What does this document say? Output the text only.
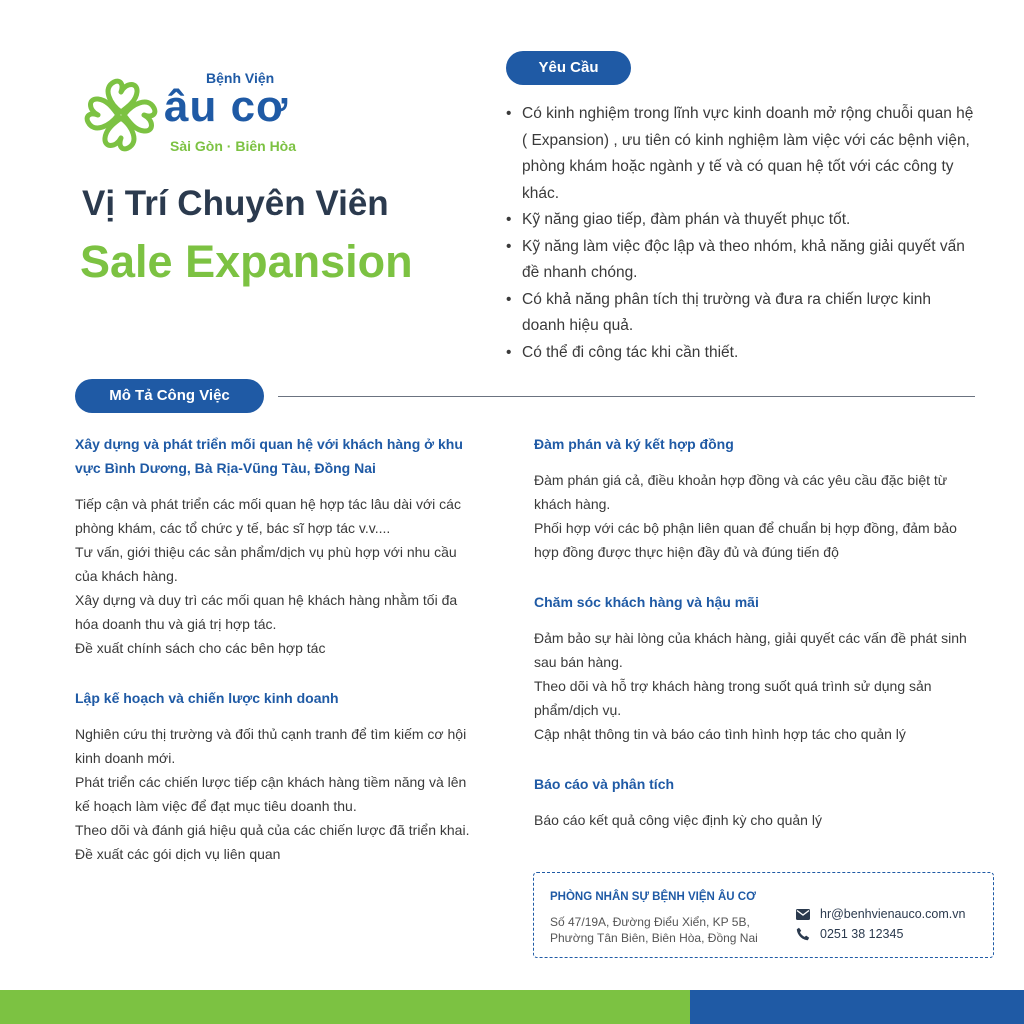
Bệnh Viện
âu cơ
Sài Gòn · Biên Hòa
Vị Trí Chuyên Viên
Sale Expansion
Yêu Cầu
• Có kinh nghiệm trong lĩnh vực kinh doanh mở rộng chuỗi quan hệ ( Expansion) , ưu tiên có kinh nghiệm làm việc với các bệnh viện, phòng khám hoặc ngành y tế và có quan hệ tốt với các công ty khác.
• Kỹ năng giao tiếp, đàm phán và thuyết phục tốt.
• Kỹ năng làm việc độc lập và theo nhóm, khả năng giải quyết vấn đề nhanh chóng.
• Có khả năng phân tích thị trường và đưa ra chiến lược kinh doanh hiệu quả.
• Có thể đi công tác khi cần thiết.
Mô Tả Công Việc
Xây dựng và phát triển mối quan hệ với khách hàng ở khu vực Bình Dương, Bà Rịa-Vũng Tàu, Đồng Nai

Tiếp cận và phát triển các mối quan hệ hợp tác lâu dài với các phòng khám, các tổ chức y tế, bác sĩ hợp tác v.v....

Tư vấn, giới thiệu các sản phẩm/dịch vụ phù hợp với nhu cầu của khách hàng.

Xây dựng và duy trì các mối quan hệ khách hàng nhằm tối đa hóa doanh thu và giá trị hợp tác.

Đề xuất chính sách cho các bên hợp tác

Lập kế hoạch và chiến lược kinh doanh

Nghiên cứu thị trường và đối thủ cạnh tranh để tìm kiếm cơ hội kinh doanh mới.

Phát triển các chiến lược tiếp cận khách hàng tiềm năng và lên kế hoạch làm việc để đạt mục tiêu doanh thu.

Theo dõi và đánh giá hiệu quả của các chiến lược đã triển khai.

Đề xuất các gói dịch vụ liên quan

Đàm phán và ký kết hợp đồng

Đàm phán giá cả, điều khoản hợp đồng và các yêu cầu đặc biệt từ khách hàng.

Phối hợp với các bộ phận liên quan để chuẩn bị hợp đồng, đảm bảo hợp đồng được thực hiện đầy đủ và đúng tiến độ

Chăm sóc khách hàng và hậu mãi

Đảm bảo sự hài lòng của khách hàng, giải quyết các vấn đề phát sinh sau bán hàng.

Theo dõi và hỗ trợ khách hàng trong suốt quá trình sử dụng sản phẩm/dịch vụ.

Cập nhật thông tin và báo cáo tình hình hợp tác cho quản lý

Báo cáo và phân tích

Báo cáo kết quả công việc định kỳ cho quản lý

PHÒNG NHÂN SỰ BỆNH VIỆN ÂU CƠ
Số 47/19A, Đường Điểu Xiển, KP 5B,
Phường Tân Biên, Biên Hòa, Đồng Nai
hr@benhvienauco.com.vn
0251 38 12345
